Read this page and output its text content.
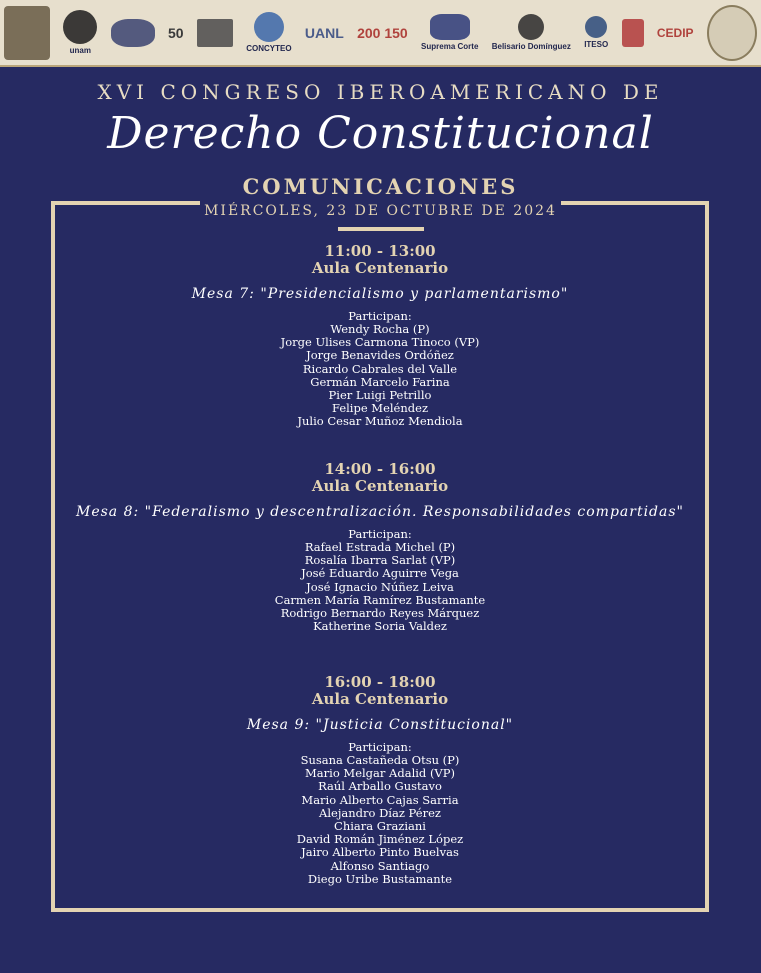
unam
50
CONCYTEO
UANL 200 150
Suprema Corte Belisario Domínguez ITESO
CEDIP
XVI CONGRESO IBEROAMERICANO DE
Derecho Constitucional
COMUNICACIONES
MIÉRCOLES, 23 DE OCTUBRE DE 2024
11:00 - 13:00
Aula Centenario
Mesa 7: "Presidencialismo y parlamentarismo"
Participan:
Wendy Rocha (P)
Jorge Ulises Carmona Tinoco (VP)
Jorge Benavides Ordóñez
Ricardo Cabrales del Valle
Germán Marcelo Farina
Pier Luigi Petrillo
Felipe Meléndez
Julio Cesar Muñoz Mendiola
14:00 - 16:00
Aula Centenario
Mesa 8: "Federalismo y descentralización. Responsabilidades compartidas"
Participan:
Rafael Estrada Michel (P)
Rosalía Ibarra Sarlat (VP)
José Eduardo Aguirre Vega
José Ignacio Núñez Leiva
Carmen María Ramírez Bustamante
Rodrigo Bernardo Reyes Márquez
Katherine Soria Valdez
16:00 - 18:00
Aula Centenario
Mesa 9: "Justicia Constitucional"
Participan:
Susana Castañeda Otsu (P)
Mario Melgar Adalid (VP)
Raúl Arballo Gustavo
Mario Alberto Cajas Sarria
Alejandro Díaz Pérez
Chiara Graziani
David Román Jiménez López
Jairo Alberto Pinto Buelvas
Alfonso Santiago
Diego Uribe Bustamante
